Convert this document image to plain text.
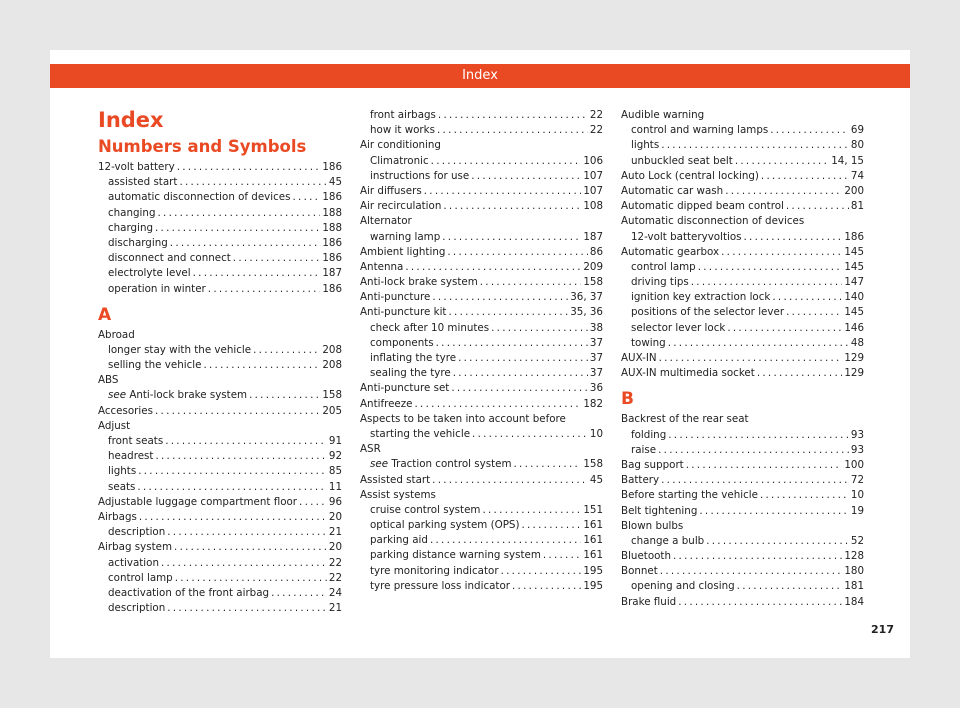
Index
Index
Numbers and Symbols
12-volt battery . . .	186
assisted start . . .	45
automatic disconnection of devices . . .	186
changing . . .	188
charging . . .	188
discharging . . .	186
disconnect and connect . . .	186
electrolyte level . . .	187
operation in winter . . .	186
A
Abroad
longer stay with the vehicle . . .	208
selling the vehicle . . .	208
ABS
see Anti-lock brake system . . .	158
Accesories . . .	205
Adjust
front seats . . .	91
headrest . . .	92
lights . . .	85
seats . . .	11
Adjustable luggage compartment floor . . .	96
Airbags . . .	20
description . . .	21
Airbag system . . .	20
activation . . .	22
control lamp . . .	22
deactivation of the front airbag . . .	24
description . . .	21
front airbags . . .	22
how it works . . .	22
Air conditioning
Climatronic . . .	106
instructions for use . . .	107
Air diffusers . . .	107
Air recirculation . . .	108
Alternator
warning lamp . . .	187
Ambient lighting . . .	86
Antenna . . .	209
Anti-lock brake system . . .	158
Anti-puncture . . .	36, 37
Anti-puncture kit . . .	35, 36
check after 10 minutes . . .	38
components . . .	37
inflating the tyre . . .	37
sealing the tyre . . .	37
Anti-puncture set . . .	36
Antifreeze . . .	182
Aspects to be taken into account before
starting the vehicle . . .	10
ASR
see Traction control system . . .	158
Assisted start . . .	45
Assist systems
cruise control system . . .	151
optical parking system (OPS) . . .	161
parking aid . . .	161
parking distance warning system . . .	161
tyre monitoring indicator . . .	195
tyre pressure loss indicator . . .	195
Audible warning
control and warning lamps . . .	69
lights . . .	80
unbuckled seat belt . . .	14, 15
Auto Lock (central locking) . . .	74
Automatic car wash . . .	200
Automatic dipped beam control . . .	81
Automatic disconnection of devices
12-volt batteryvoltios . . .	186
Automatic gearbox . . .	145
control lamp . . .	145
driving tips . . .	147
ignition key extraction lock . . .	140
positions of the selector lever . . .	145
selector lever lock . . .	146
towing . . .	48
AUX-IN . . .	129
AUX-IN multimedia socket . . .	129
B
Backrest of the rear seat
folding . . .	93
raise . . .	93
Bag support . . .	100
Battery . . .	72
Before starting the vehicle . . .	10
Belt tightening . . .	19
Blown bulbs
change a bulb . . .	52
Bluetooth . . .	128
Bonnet . . .	180
opening and closing . . .	181
Brake fluid . . .	184
217
